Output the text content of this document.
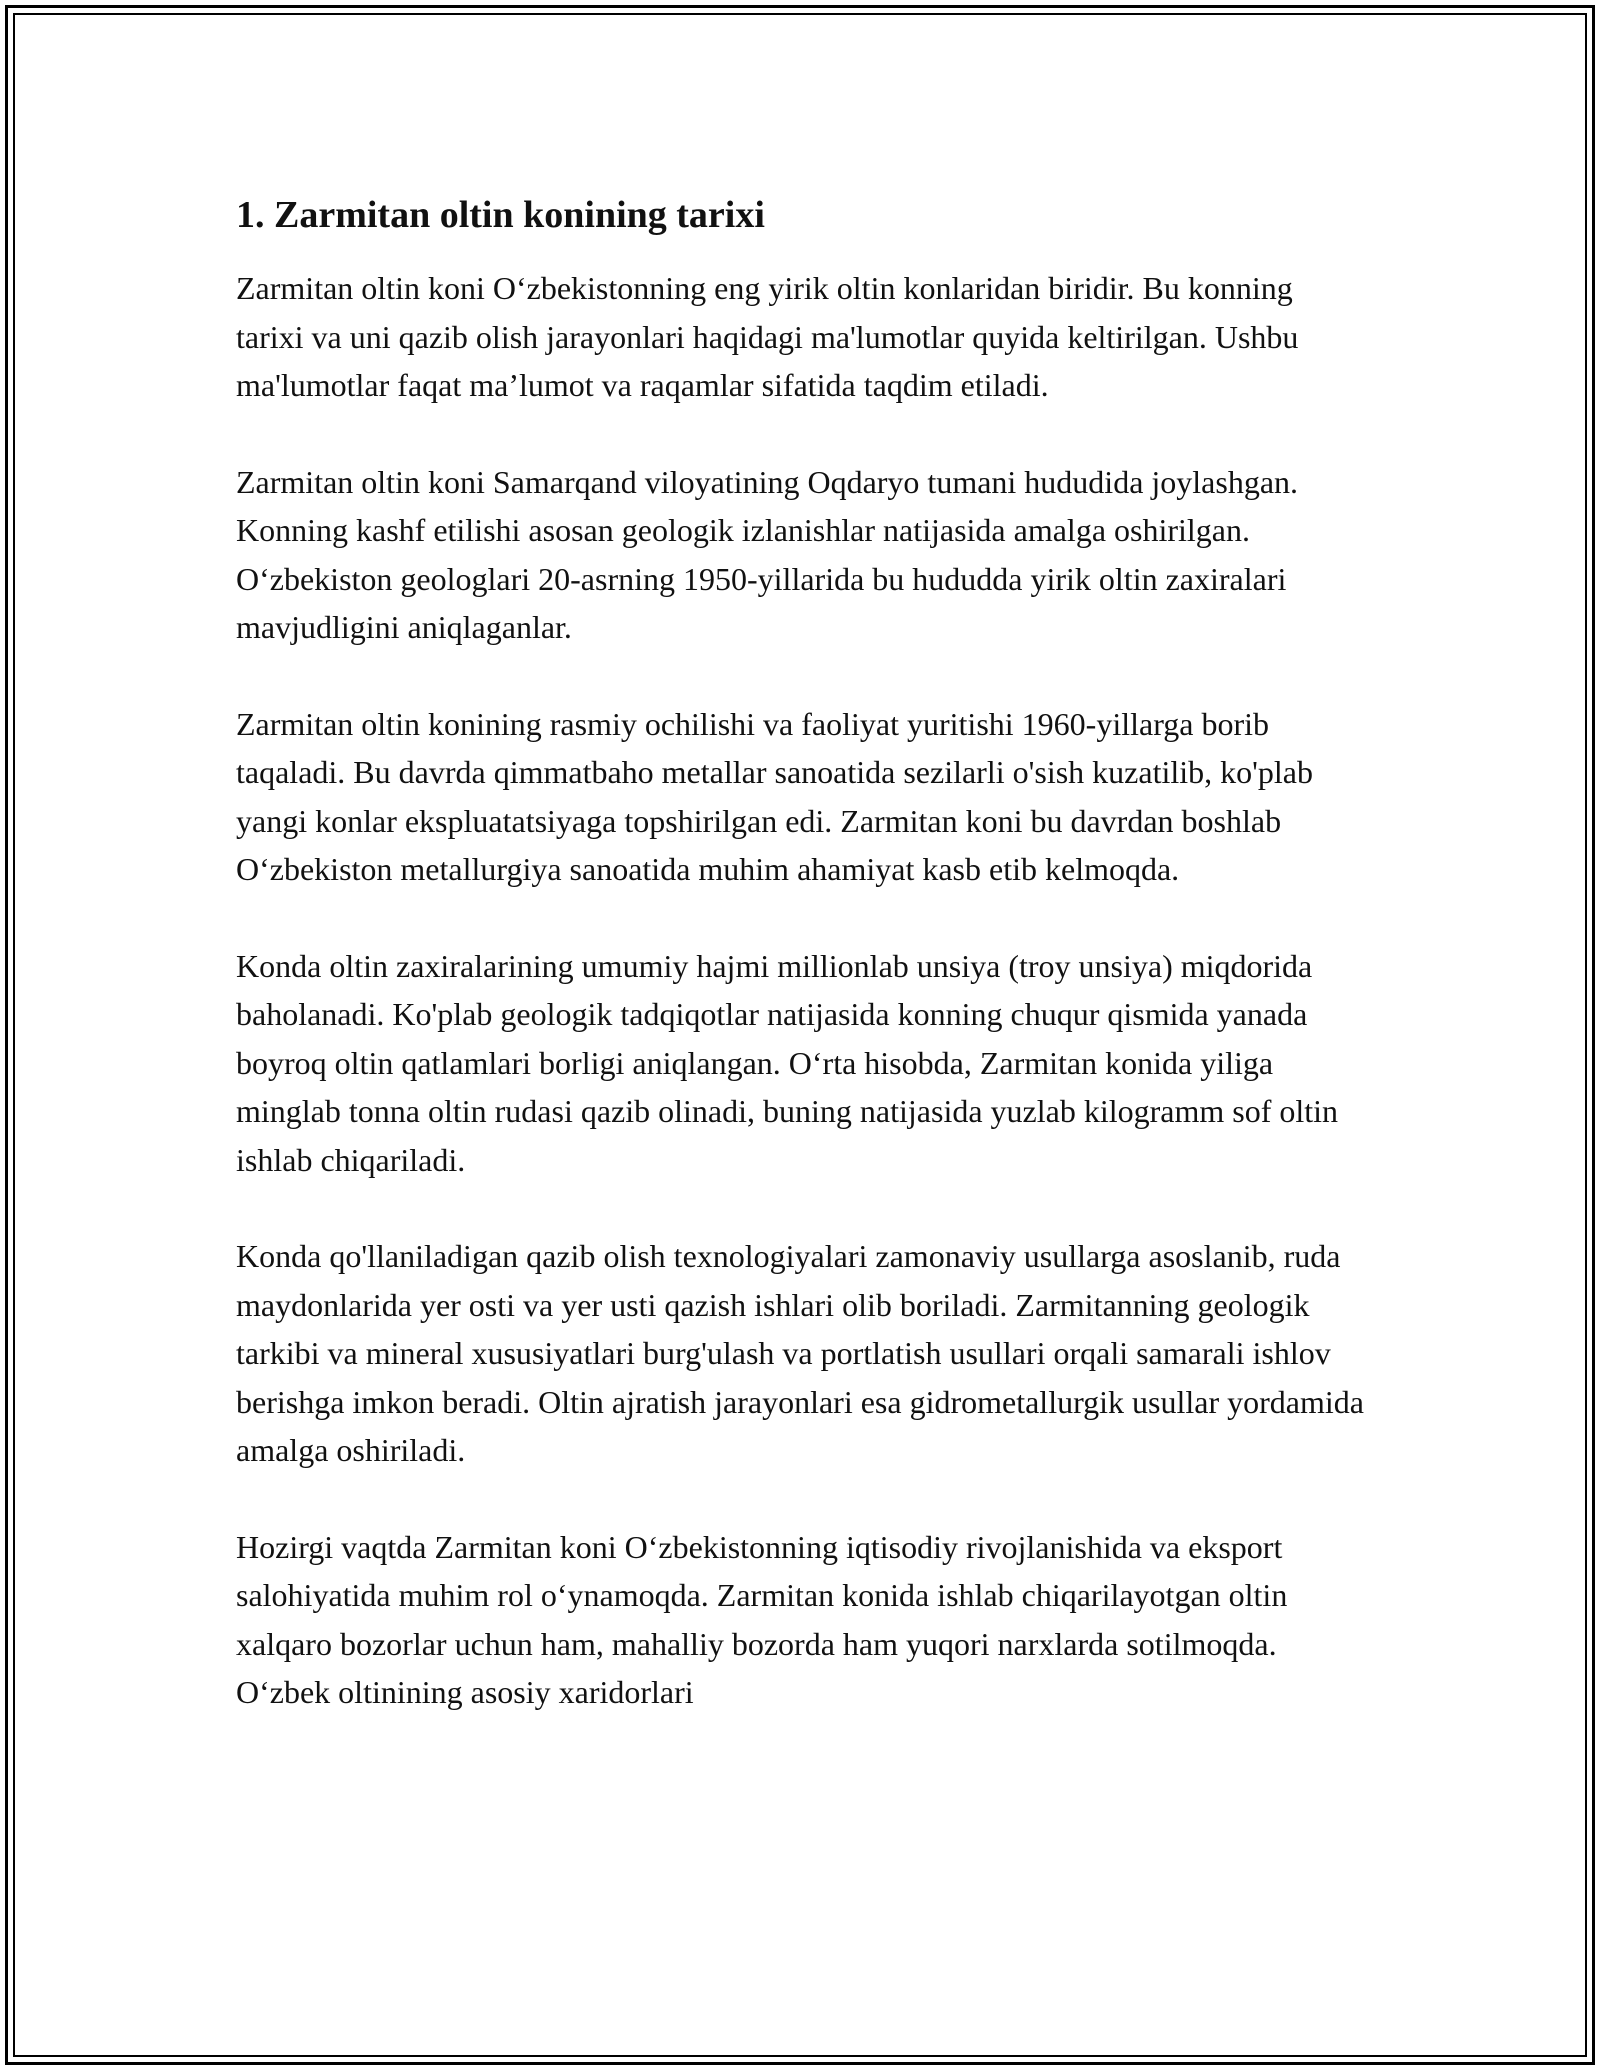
1. Zarmitan oltin konining tarixi

Zarmitan oltin koni O‘zbekistonning eng yirik oltin konlaridan biridir. Bu konning tarixi va uni qazib olish jarayonlari haqidagi ma'lumotlar quyida keltirilgan. Ushbu ma'lumotlar faqat ma’lumot va raqamlar sifatida taqdim etiladi.

Zarmitan oltin koni Samarqand viloyatining Oqdaryo tumani hududida joylashgan. Konning kashf etilishi asosan geologik izlanishlar natijasida amalga oshirilgan. O‘zbekiston geologlari 20-asrning 1950-yillarida bu hududda yirik oltin zaxiralari mavjudligini aniqlaganlar.

Zarmitan oltin konining rasmiy ochilishi va faoliyat yuritishi 1960-yillarga borib taqaladi. Bu davrda qimmatbaho metallar sanoatida sezilarli o'sish kuzatilib, ko'plab yangi konlar ekspluatatsiyaga topshirilgan edi. Zarmitan koni bu davrdan boshlab O‘zbekiston metallurgiya sanoatida muhim ahamiyat kasb etib kelmoqda.

Konda oltin zaxiralarining umumiy hajmi millionlab unsiya (troy unsiya) miqdorida baholanadi. Ko'plab geologik tadqiqotlar natijasida konning chuqur qismida yanada boyroq oltin qatlamlari borligi aniqlangan. O‘rta hisobda, Zarmitan konida yiliga minglab tonna oltin rudasi qazib olinadi, buning natijasida yuzlab kilogramm sof oltin ishlab chiqariladi.

Konda qo'llaniladigan qazib olish texnologiyalari zamonaviy usullarga asoslanib, ruda maydonlarida yer osti va yer usti qazish ishlari olib boriladi. Zarmitanning geologik tarkibi va mineral xususiyatlari burg'ulash va portlatish usullari orqali samarali ishlov berishga imkon beradi. Oltin ajratish jarayonlari esa gidrometallurgik usullar yordamida amalga oshiriladi.

Hozirgi vaqtda Zarmitan koni O‘zbekistonning iqtisodiy rivojlanishida va eksport salohiyatida muhim rol o‘ynamoqda. Zarmitan konida ishlab chiqarilayotgan oltin xalqaro bozorlar uchun ham, mahalliy bozorda ham yuqori narxlarda sotilmoqda. O‘zbek oltinining asosiy xaridorlari
